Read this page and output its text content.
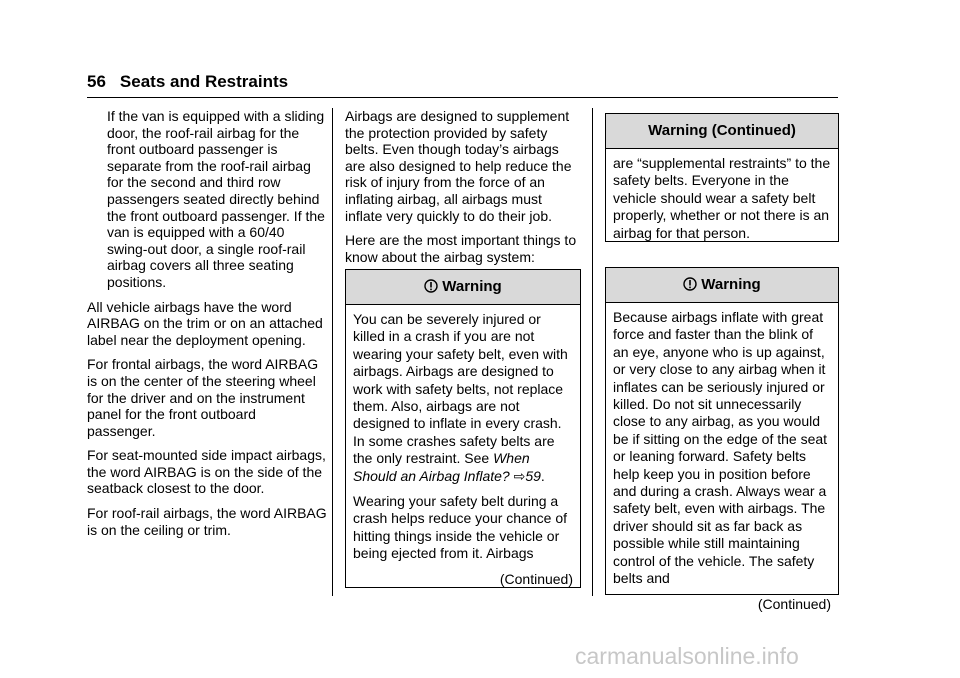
56 Seats and Restraints

If the van is equipped with a sliding door, the roof-rail airbag for the front outboard passenger is separate from the roof-rail airbag for the second and third row passengers seated directly behind the front outboard passenger. If the van is equipped with a 60/40 swing-out door, a single roof-rail airbag covers all three seating positions.

All vehicle airbags have the word AIRBAG on the trim or on an attached label near the deployment opening.

For frontal airbags, the word AIRBAG is on the center of the steering wheel for the driver and on the instrument panel for the front outboard passenger.

For seat-mounted side impact airbags, the word AIRBAG is on the side of the seatback closest to the door.

For roof-rail airbags, the word AIRBAG is on the ceiling or trim.

Airbags are designed to supplement the protection provided by safety belts. Even though today’s airbags are also designed to help reduce the risk of injury from the force of an inflating airbag, all airbags must inflate very quickly to do their job.

Here are the most important things to know about the airbag system:

Warning

You can be severely injured or killed in a crash if you are not wearing your safety belt, even with airbags. Airbags are designed to work with safety belts, not replace them. Also, airbags are not designed to inflate in every crash. In some crashes safety belts are the only restraint. See When Should an Airbag Inflate? ⇨59.

Wearing your safety belt during a crash helps reduce your chance of hitting things inside the vehicle or being ejected from it. Airbags

(Continued)
Warning (Continued)

are “supplemental restraints” to the safety belts. Everyone in the vehicle should wear a safety belt properly, whether or not there is an airbag for that person.

Warning

Because airbags inflate with great force and faster than the blink of an eye, anyone who is up against, or very close to any airbag when it inflates can be seriously injured or killed. Do not sit unnecessarily close to any airbag, as you would be if sitting on the edge of the seat or leaning forward. Safety belts help keep you in position before and during a crash. Always wear a safety belt, even with airbags. The driver should sit as far back as possible while still maintaining control of the vehicle. The safety belts and

(Continued)
carmanualsonline.info
